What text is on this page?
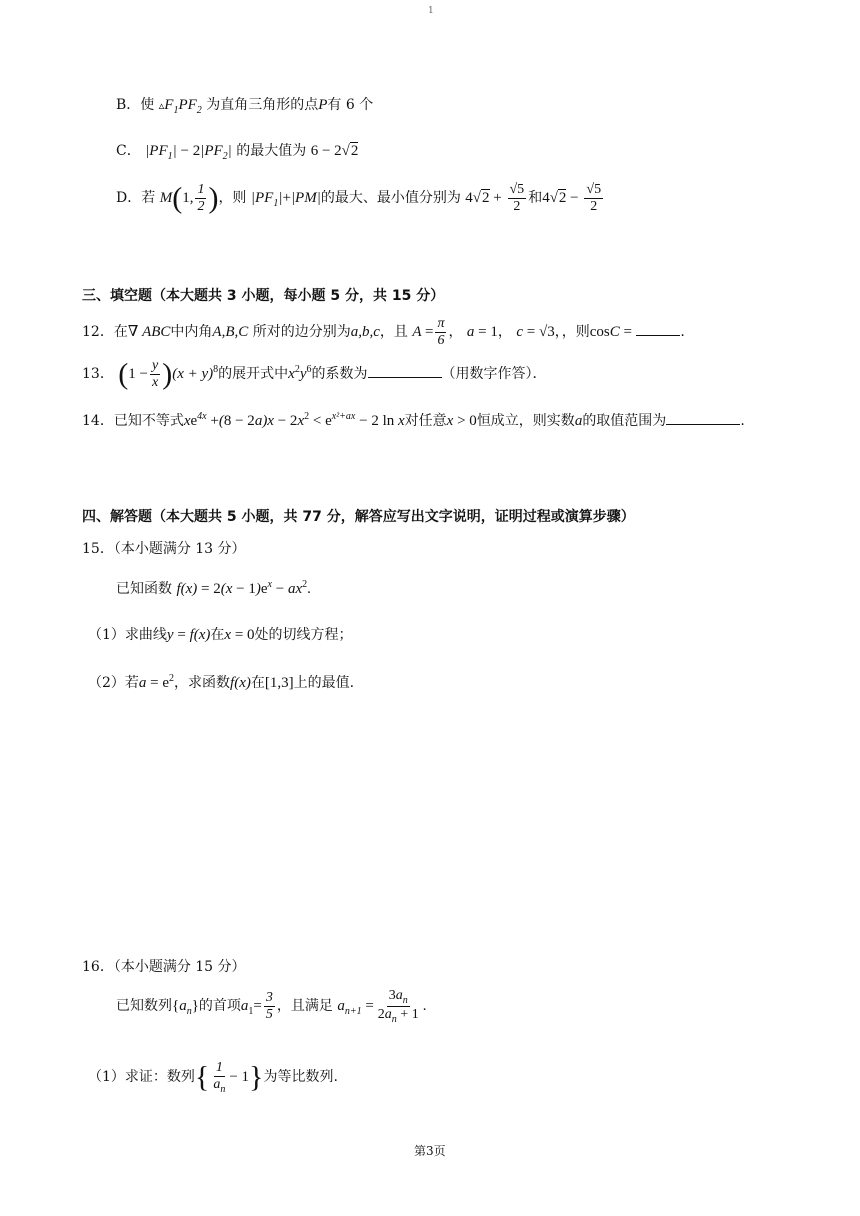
1
B．使 $▵F_1PF_2$ 为直角三角形的点P有 6 个
C． $|PF_1| - 2|PF_2|$ 的最大值为 6 − 2√2
D．若 M(1, $\frac{1}{2}$ )，则 $|PF_1|+|PM|$的最大、最小值分别为 $4√2 + \frac{√5}{2}$ 和$4√2 - \frac{√5}{2}$
三、填空题（本大题共 3 小题，每小题 5 分，共 15 分）
12．在∇ ABC中内角A,B,C 所对的边分别为a,b,c，且 $A = \frac{\pi}{6}$ ， a = 1， c = √3，，则cosC =	.
13． $(1 - \frac{y}{x} )(x + y)^8$的展开式中$x^2y^6$的系数为	（用数字作答）．
14．已知不等式$xe^{4x} +(8 - 2a)x - 2x^2 < e^{x^2+ax} - 2$ ln x对任意x > 0恒成立，则实数a的取值范围为	.
四、解答题（本大题共 5 小题，共 77 分，解答应写出文字说明，证明过程或演算步骤）
15．（本小题满分 13 分）
已知函数 $f(x) = 2(x - 1)e^x - ax^2$.
（1）求曲线y = f(x)在x = 0处的切线方程；
（2）若$a = e^2$，求函数f(x)在[1,3]上的最值.
16．（本小题满分 15 分）
已知数列$\{a_n\}$的首项$a_1= \frac{3}{5}$ ，且满足 $a_{n+1} = \frac{3a_n}{2a_n + 1}$ .
（1）求证：数列{ $\frac{1}{a_n} - 1$}为等比数列.
第3页
